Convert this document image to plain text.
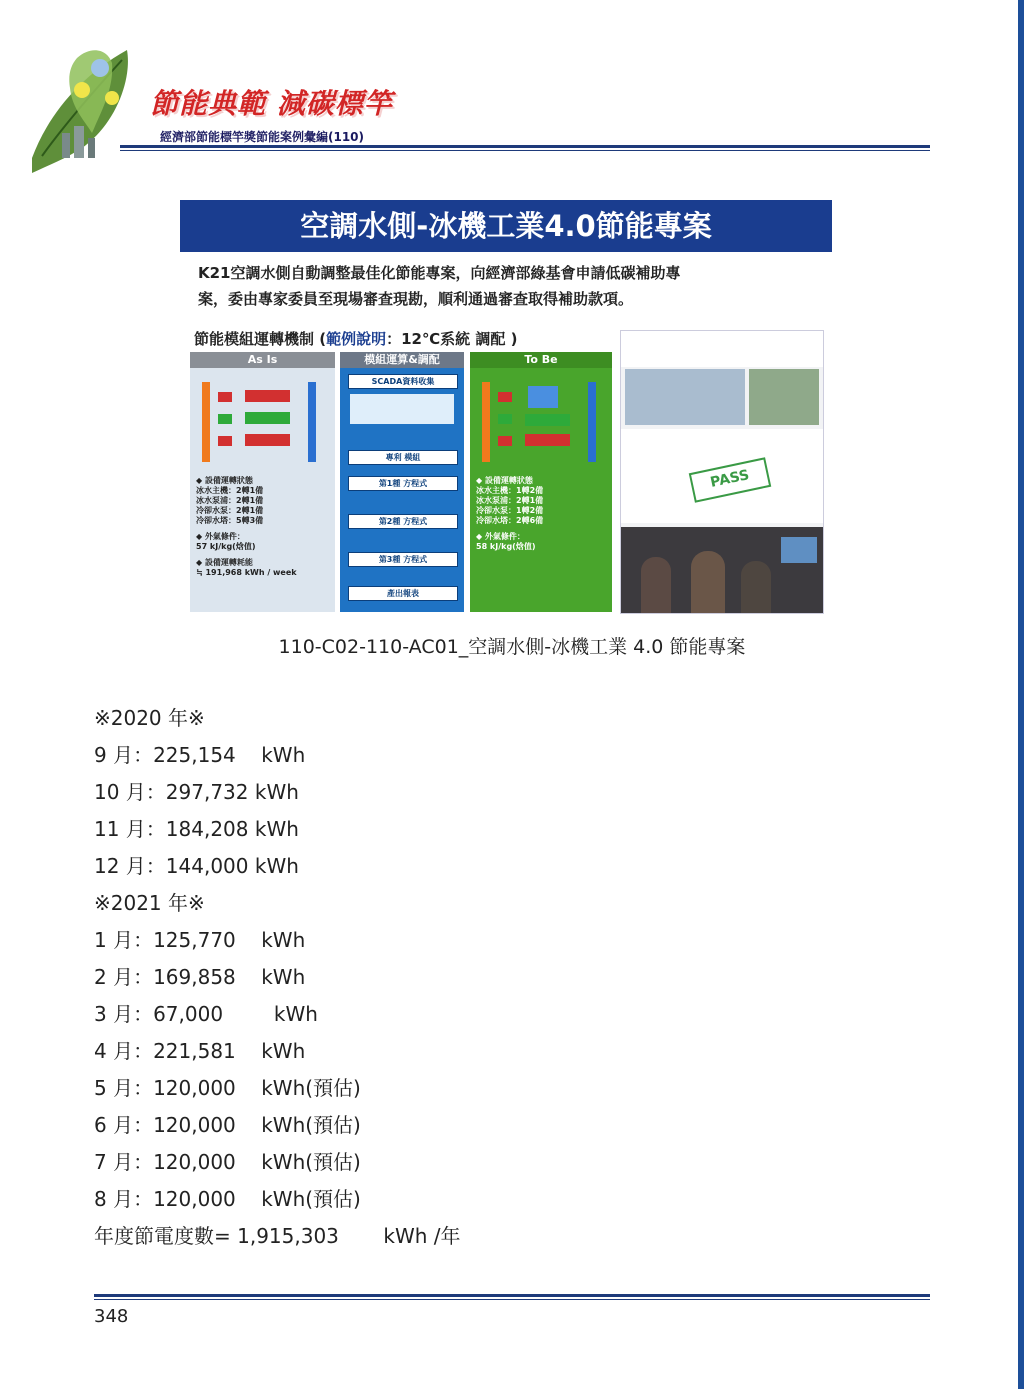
節能典範 減碳標竿
經濟部節能標竿獎節能案例彙編(110)
空調水側-冰機工業4.0節能專案
K21空調水側自動調整最佳化節能專案，向經濟部綠基會申請低碳補助專
案，委由專家委員至現場審查現勘，順利通過審查取得補助款項。
節能模組運轉機制 (範例說明：12℃系統 調配 )
As Is
◆ 設備運轉狀態
冰水主機：2轉1備
冰水泵浦：2轉1備
冷卻水泵：2轉1備
冷卻水塔：5轉3備
◆ 外氣條件：
57 kJ/kg(焓值)
◆ 設備運轉耗能
≒ 191,968 kWh / week
模組運算&調配
SCADA資料收集
專利 模組
第1種 方程式
第2種 方程式
第3種 方程式
產出報表
To Be
◆ 設備運轉狀態
冰水主機：1轉2備
冰水泵浦：2轉1備
冷卻水泵：1轉2備
冷卻水塔：2轉6備
◆ 外氣條件：
58 kJ/kg(焓值)
PASS
110-C02-110-AC01_空調水側-冰機工業 4.0 節能專案
※2020 年※
9 月：225,154    kWh
10 月：297,732 kWh
11 月：184,208 kWh
12 月：144,000 kWh
※2021 年※
1 月：125,770    kWh
2 月：169,858    kWh
3 月：67,000        kWh
4 月：221,581    kWh
5 月：120,000    kWh(預估)
6 月：120,000    kWh(預估)
7 月：120,000    kWh(預估)
8 月：120,000    kWh(預估)
年度節電度數= 1,915,303       kWh /年
348
